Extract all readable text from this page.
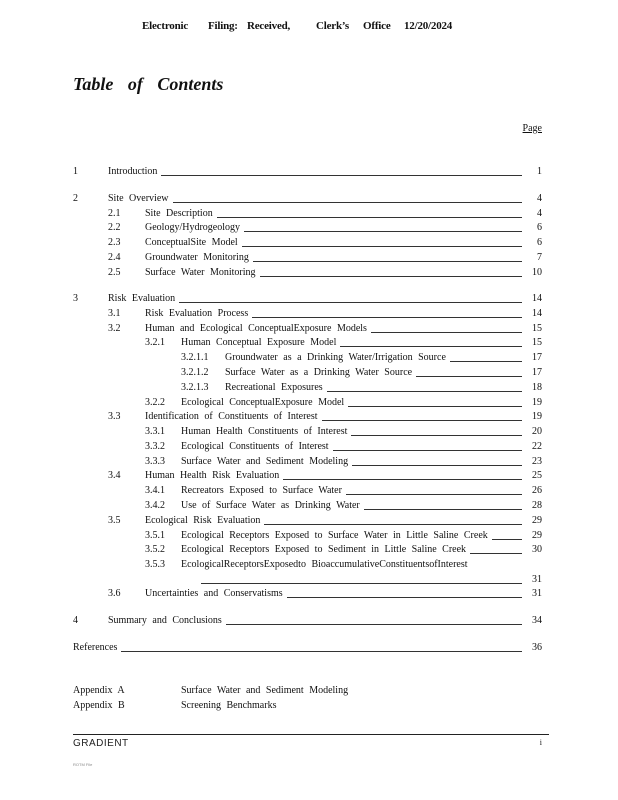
Electronic Filing: Received, Clerk’s Office 12/20/2024
Table of Contents
Page
1	Introduction	1
2	Site Overview	4
2.1 Site Description	4
2.2 Geology/Hydrogeology	6
2.3 ConceptualSite Model	6
2.4 Groundwater Monitoring	7
2.5 Surface Water Monitoring	10
3	Risk Evaluation	14
3.1 Risk Evaluation Process	14
3.2 Human and Ecological ConceptualExposure Models	15
3.2.1 Human Conceptual Exposure Model	15
3.2.1.1 Groundwater as a Drinking Water/Irrigation Source	17
3.2.1.2 Surface Water as a Drinking Water Source	17
3.2.1.3 Recreational Exposures	18
3.2.2 Ecological ConceptualExposure Model	19
3.3 Identification of Constituents of Interest	19
3.3.1 Human Health Constituents of Interest	20
3.3.2 Ecological Constituents of Interest	22
3.3.3 Surface Water and Sediment Modeling	23
3.4 Human Health Risk Evaluation	25
3.4.1 Recreators Exposed to Surface Water	26
3.4.2 Use of Surface Water as Drinking Water	28
3.5 Ecological Risk Evaluation	29
3.5.1 Ecological Receptors Exposed to Surface Water in Little Saline Creek	29
3.5.2 Ecological Receptors Exposed to Sediment in Little Saline Creek	30
3.5.3 EcologicalReceptorsExposedto BioaccumulativeConstituentsofInterest
31
3.6 Uncertainties and Conservatisms	31
4	Summary and Conclusions	34
References	36
Appendix A	Surface Water and Sediment Modeling
Appendix B	Screening Benchmarks
GRADIENT	i
ROTM File
